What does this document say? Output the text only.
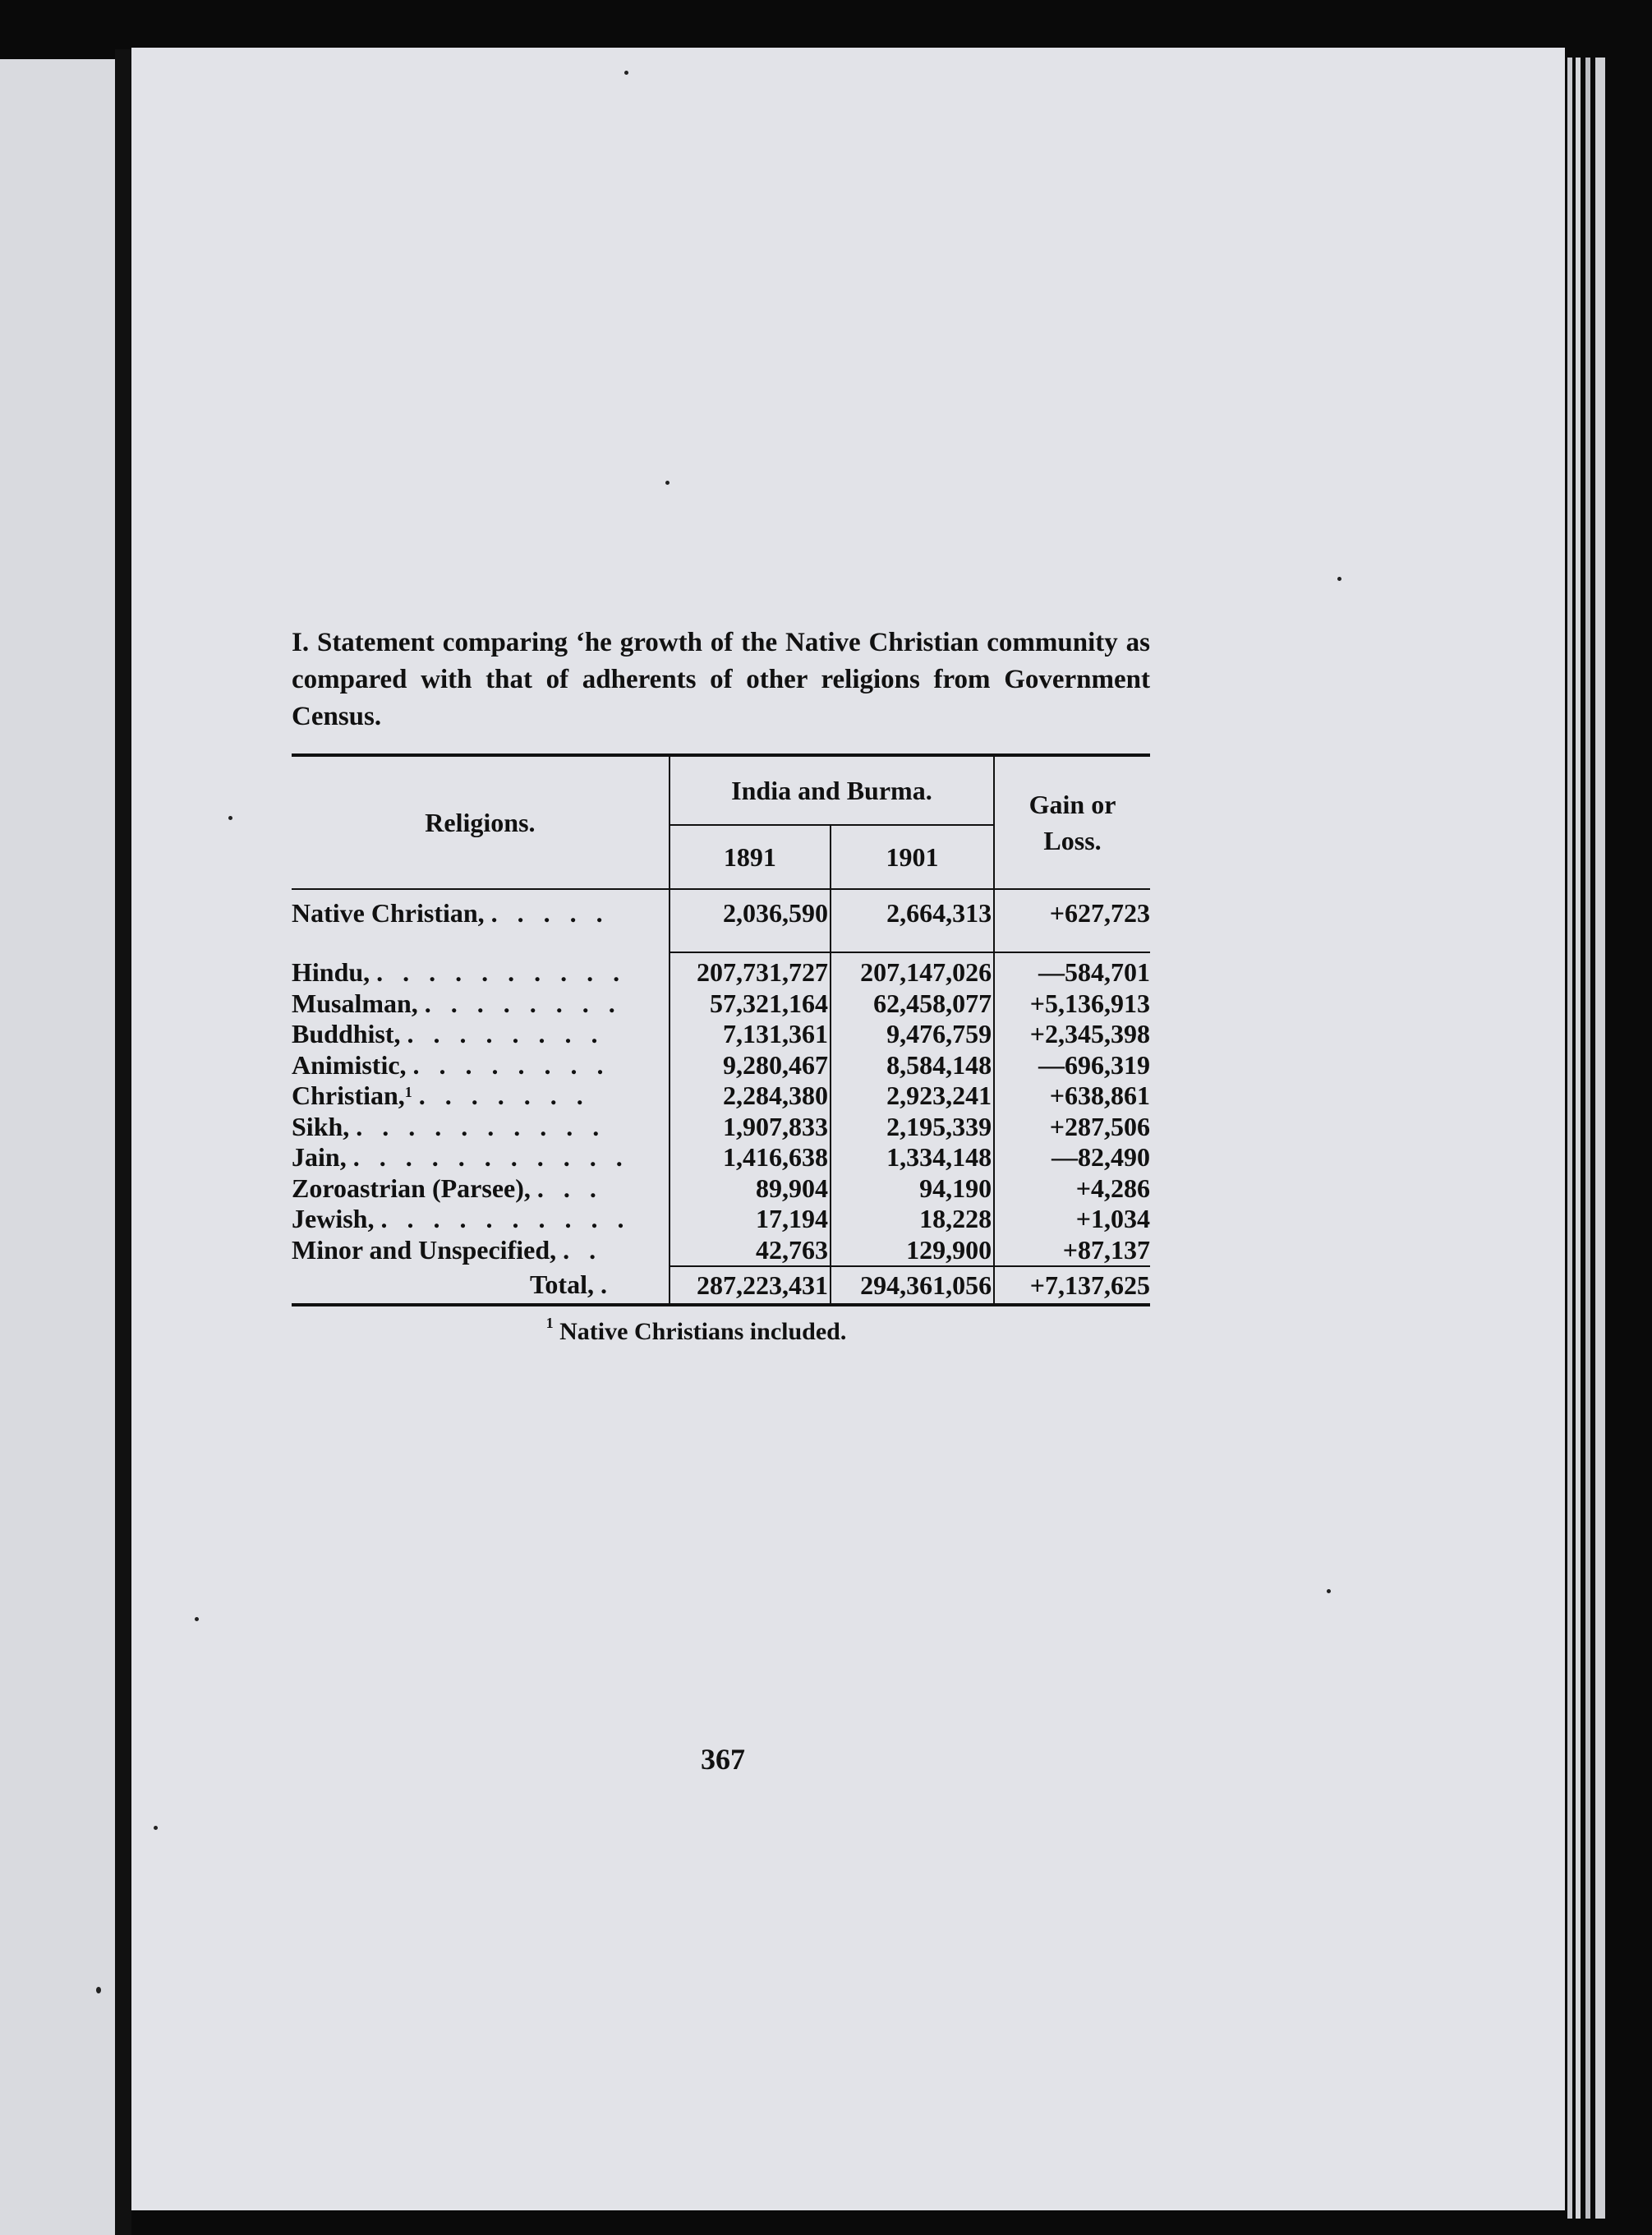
I. Statement comparing ʻhe growth of the Native Christian community as compared with that of adherents of other religions from Government Census.

Religions.	India and Burma.		Gain or
Loss.

	1891	1901	
Native Christian, . . . . .	2,036,590	2,664,313	+627,723
Hindu, . . . . . . . . . .	207,731,727	207,147,026	—584,701
Musalman, . . . . . . . .	57,321,164	62,458,077	+5,136,913
Buddhist, . . . . . . . .	7,131,361	9,476,759	+2,345,398
Animistic, . . . . . . . .	9,280,467	8,584,148	—696,319
Christian,$^1$ . . . . . . .	2,284,380	2,923,241	+638,861
Sikh, . . . . . . . . . .	1,907,833	2,195,339	+287,506
Jain, . . . . . . . . . . .	1,416,638	1,334,148	—82,490
Zoroastrian (Parsee), . . .	89,904	94,190	+4,286
Jewish, . . . . . . . . . .	17,194	18,228	+1,034
Minor and Unspecified, . .	42,763	129,900	+87,137
Total, .	287,223,431	294,361,056	+7,137,625
$^1$ Native Christians included.
367
